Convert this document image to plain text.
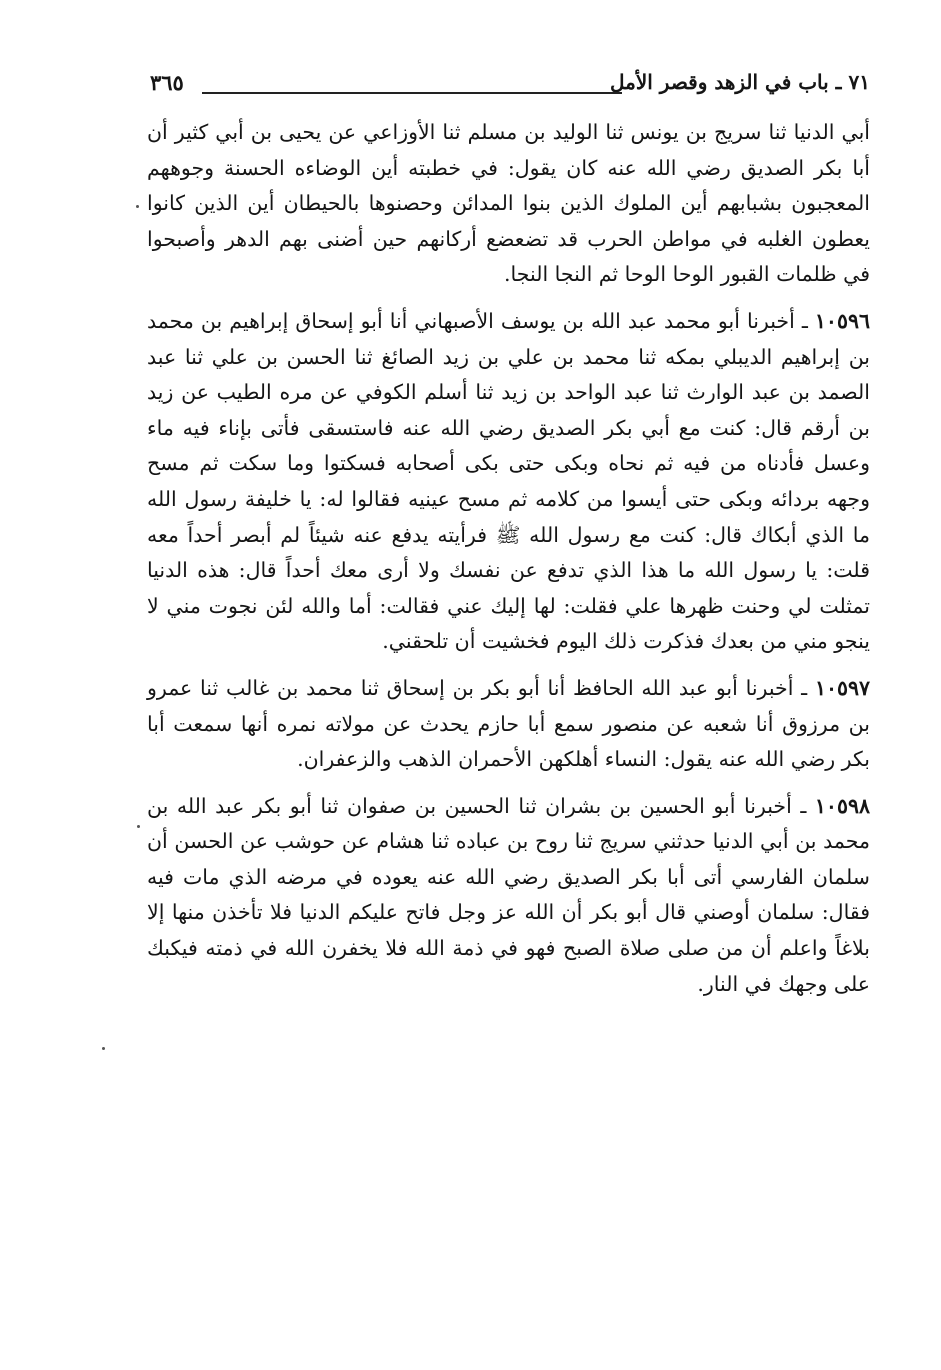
٧١ ـ باب في الزهد وقصر الأمل
٣٦٥

أبي الدنيا ثنا سريج بن يونس ثنا الوليد بن مسلم ثنا الأوزاعي عن يحيى بن أبي كثير أن أبا بكر الصديق رضي الله عنه كان يقول: في خطبته أين الوضاءه الحسنة وجوههم المعجبون بشبابهم أين الملوك الذين بنوا المدائن وحصنوها بالحيطان أين الذين كانوا يعطون الغلبه في مواطن الحرب قد تضعضع أركانهم حين أضنى بهم الدهر وأصبحوا في ظلمات القبور الوحا الوحا ثم النجا النجا.

١٠٥٩٦ ـ أخبرنا أبو محمد عبد الله بن يوسف الأصبهاني أنا أبو إسحاق إبراهيم بن محمد بن إبراهيم الديبلي بمكه ثنا محمد بن علي بن زيد الصائغ ثنا الحسن بن علي ثنا عبد الصمد بن عبد الوارث ثنا عبد الواحد بن زيد ثنا أسلم الكوفي عن مره الطيب عن زيد بن أرقم قال: كنت مع أبي بكر الصديق رضي الله عنه فاستسقى فأتى بإناء فيه ماء وعسل فأدناه من فيه ثم نحاه وبكى حتى بكى أصحابه فسكتوا وما سكت ثم مسح وجهه بردائه وبكى حتى أيسوا من كلامه ثم مسح عينيه فقالوا له: يا خليفة رسول الله ما الذي أبكاك قال: كنت مع رسول الله ﷺ فرأيته يدفع عنه شيئاً لم أبصر أحداً معه قلت: يا رسول الله ما هذا الذي تدفع عن نفسك ولا أرى معك أحداً قال: هذه الدنيا تمثلت لي وحنت ظهرها علي فقلت: لها إليك عني فقالت: أما والله لئن نجوت مني لا ينجو مني من بعدك فذكرت ذلك اليوم فخشيت أن تلحقني.

١٠٥٩٧ ـ أخبرنا أبو عبد الله الحافظ أنا أبو بكر بن إسحاق ثنا محمد بن غالب ثنا عمرو بن مرزوق أنا شعبه عن منصور سمع أبا حازم يحدث عن مولاته نمره أنها سمعت أبا بكر رضي الله عنه يقول: النساء أهلكهن الأحمران الذهب والزعفران.

١٠٥٩٨ ـ أخبرنا أبو الحسين بن بشران ثنا الحسين بن صفوان ثنا أبو بكر عبد الله بن محمد بن أبي الدنيا حدثني سريج ثنا روح بن عباده ثنا هشام عن حوشب عن الحسن أن سلمان الفارسي أتى أبا بكر الصديق رضي الله عنه يعوده في مرضه الذي مات فيه فقال: سلمان أوصني قال أبو بكر أن الله عز وجل فاتح عليكم الدنيا فلا تأخذن منها إلا بلاغاً واعلم أن من صلى صلاة الصبح فهو في ذمة الله فلا يخفرن الله في ذمته فيكبك على وجهك في النار.
